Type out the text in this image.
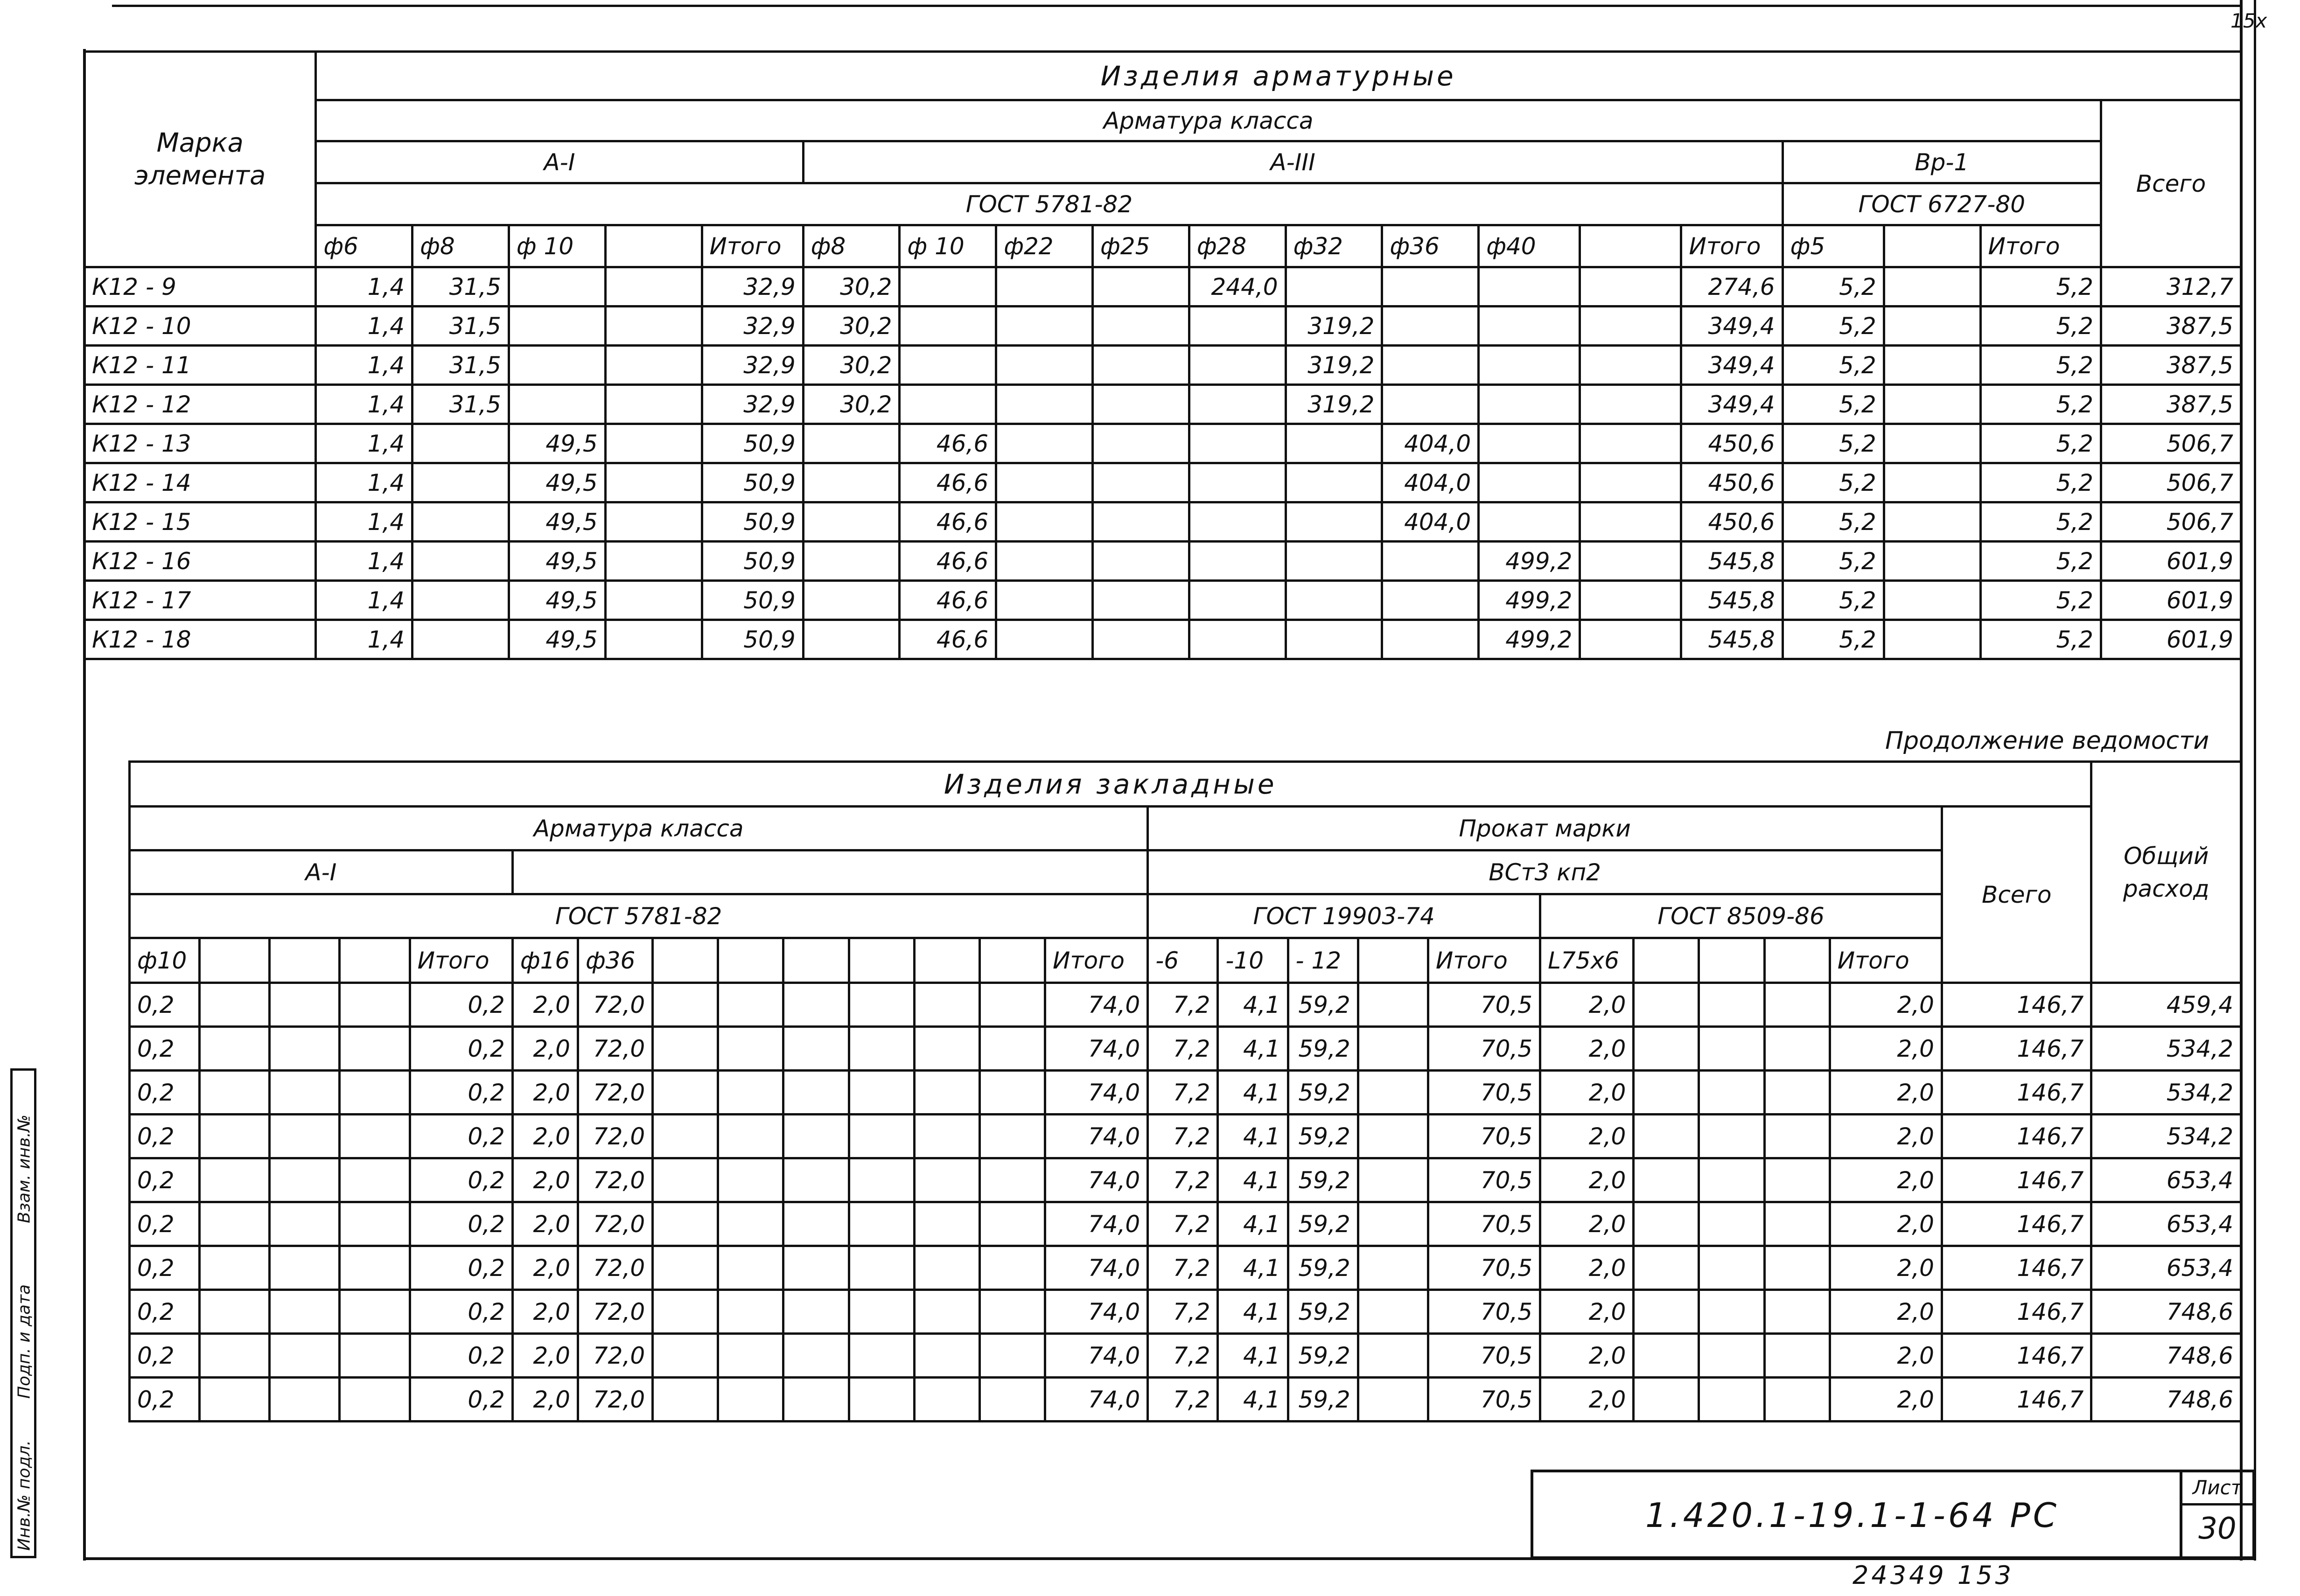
15х
Марка
элемента	Изделия арматурные																		
	Арматура класса																		Всего
	А-I					А-III										Вр-1			
	ГОСТ 5781-82															ГОСТ 6727-80			
	ф6	ф8	ф 10		Итого	ф8	ф 10	ф22	ф25	ф28	ф32	ф36	ф40		Итого	ф5		Итого	
К12 - 9	1,4	31,5			32,9	30,2				244,0					274,6	5,2		5,2	312,7
К12 - 10	1,4	31,5			32,9	30,2					319,2				349,4	5,2		5,2	387,5
К12 - 11	1,4	31,5			32,9	30,2					319,2				349,4	5,2		5,2	387,5
К12 - 12	1,4	31,5			32,9	30,2					319,2				349,4	5,2		5,2	387,5
К12 - 13	1,4		49,5		50,9		46,6					404,0			450,6	5,2		5,2	506,7
К12 - 14	1,4		49,5		50,9		46,6					404,0			450,6	5,2		5,2	506,7
К12 - 15	1,4		49,5		50,9		46,6					404,0			450,6	5,2		5,2	506,7
К12 - 16	1,4		49,5		50,9		46,6						499,2		545,8	5,2		5,2	601,9
К12 - 17	1,4		49,5		50,9		46,6						499,2		545,8	5,2		5,2	601,9
К12 - 18	1,4		49,5		50,9		46,6						499,2		545,8	5,2		5,2	601,9
Продолжение ведомости
Изделия закладные																									Общий
расход
Арматура класса														Прокат марки										Всего	
А-I														ВСт3 кп2											
ГОСТ 5781-82														ГОСТ 19903-74					ГОСТ 8509-86						
ф10				Итого	ф16	ф36							Итого	-6	-10	- 12		Итого	L75x6				Итого		
0,2				0,2	2,0	72,0							74,0	7,2	4,1	59,2		70,5	2,0				2,0	146,7	459,4
0,2				0,2	2,0	72,0							74,0	7,2	4,1	59,2		70,5	2,0				2,0	146,7	534,2
0,2				0,2	2,0	72,0							74,0	7,2	4,1	59,2		70,5	2,0				2,0	146,7	534,2
0,2				0,2	2,0	72,0							74,0	7,2	4,1	59,2		70,5	2,0				2,0	146,7	534,2
0,2				0,2	2,0	72,0							74,0	7,2	4,1	59,2		70,5	2,0				2,0	146,7	653,4
0,2				0,2	2,0	72,0							74,0	7,2	4,1	59,2		70,5	2,0				2,0	146,7	653,4
0,2				0,2	2,0	72,0							74,0	7,2	4,1	59,2		70,5	2,0				2,0	146,7	653,4
0,2				0,2	2,0	72,0							74,0	7,2	4,1	59,2		70,5	2,0				2,0	146,7	748,6
0,2				0,2	2,0	72,0							74,0	7,2	4,1	59,2		70,5	2,0				2,0	146,7	748,6
0,2				0,2	2,0	72,0							74,0	7,2	4,1	59,2		70,5	2,0				2,0	146,7	748,6
Инв.№ подл.
Подп. и дата
Взам. инв.№
1.420.1-19.1-1-64 РС
Лист
30
24349 153
